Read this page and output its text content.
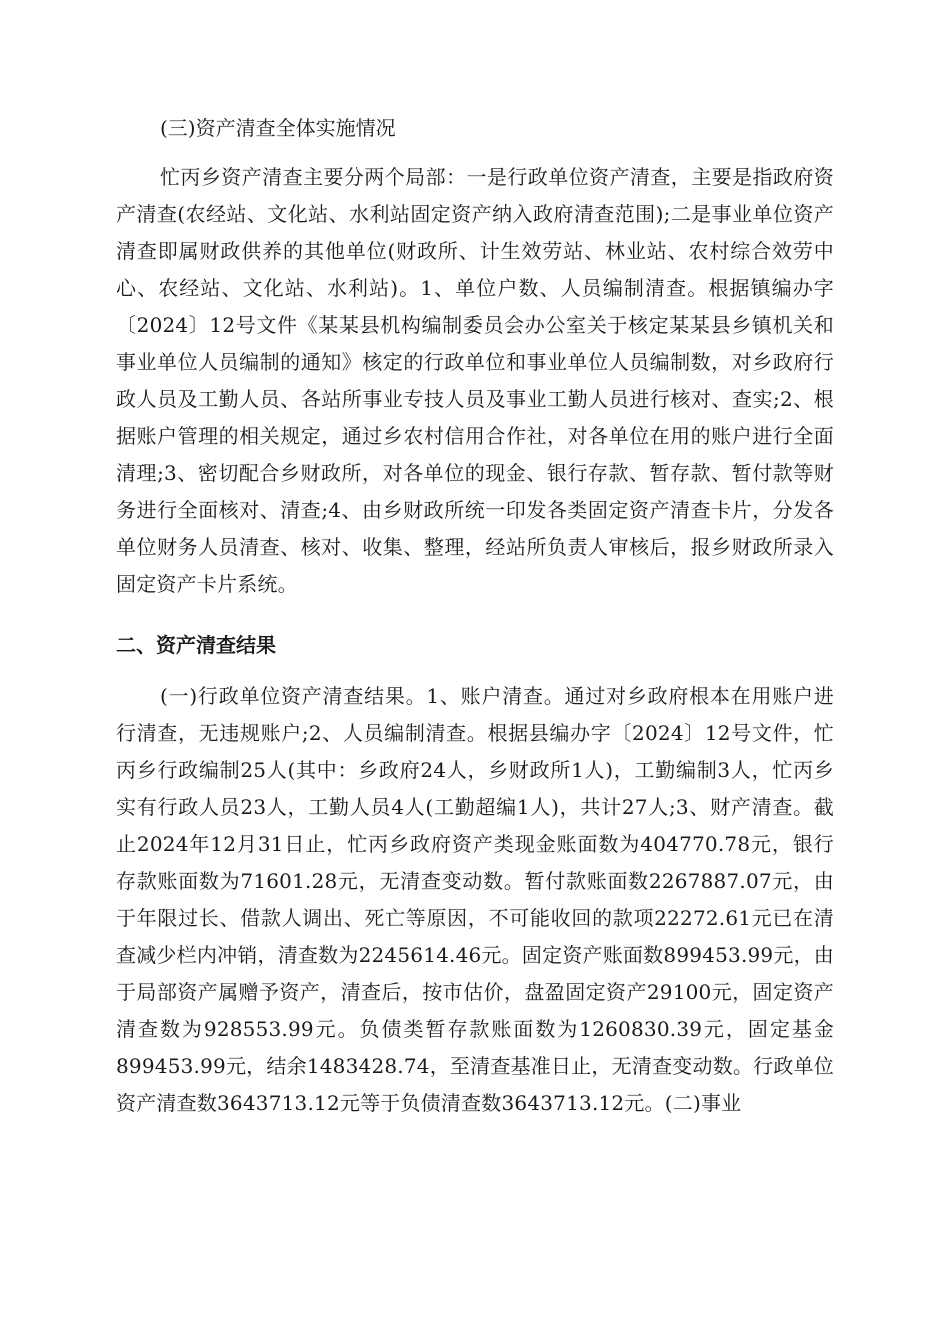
(三)资产清查全体实施情况

忙丙乡资产清查主要分两个局部：一是行政单位资产清查，主要是指政府资产清查(农经站、文化站、水利站固定资产纳入政府清查范围);二是事业单位资产清查即属财政供养的其他单位(财政所、计生效劳站、林业站、农村综合效劳中心、农经站、文化站、水利站)。1、单位户数、人员编制清查。根据镇编办字〔2024〕12号文件《某某县机构编制委员会办公室关于核定某某县乡镇机关和事业单位人员编制的通知》核定的行政单位和事业单位人员编制数，对乡政府行政人员及工勤人员、各站所事业专技人员及事业工勤人员进行核对、查实;2、根据账户管理的相关规定，通过乡农村信用合作社，对各单位在用的账户进行全面清理;3、密切配合乡财政所，对各单位的现金、银行存款、暂存款、暂付款等财务进行全面核对、清查;4、由乡财政所统一印发各类固定资产清查卡片，分发各单位财务人员清查、核对、收集、整理，经站所负责人审核后，报乡财政所录入固定资产卡片系统。

二、资产清查结果

(一)行政单位资产清查结果。1、账户清查。通过对乡政府根本在用账户进行清查，无违规账户;2、人员编制清查。根据县编办字〔2024〕12号文件，忙丙乡行政编制25人(其中：乡政府24人，乡财政所1人)，工勤编制3人，忙丙乡实有行政人员23人，工勤人员4人(工勤超编1人)，共计27人;3、财产清查。截止2024年12月31日止，忙丙乡政府资产类现金账面数为404770.78元，银行存款账面数为71601.28元，无清查变动数。暂付款账面数2267887.07元，由于年限过长、借款人调出、死亡等原因，不可能收回的款项22272.61元已在清查减少栏内冲销，清查数为2245614.46元。固定资产账面数899453.99元，由于局部资产属赠予资产，清查后，按市估价，盘盈固定资产29100元，固定资产清查数为928553.99元。负债类暂存款账面数为1260830.39元，固定基金899453.99元，结余1483428.74，至清查基准日止，无清查变动数。行政单位资产清查数3643713.12元等于负债清查数3643713.12元。(二)事业
